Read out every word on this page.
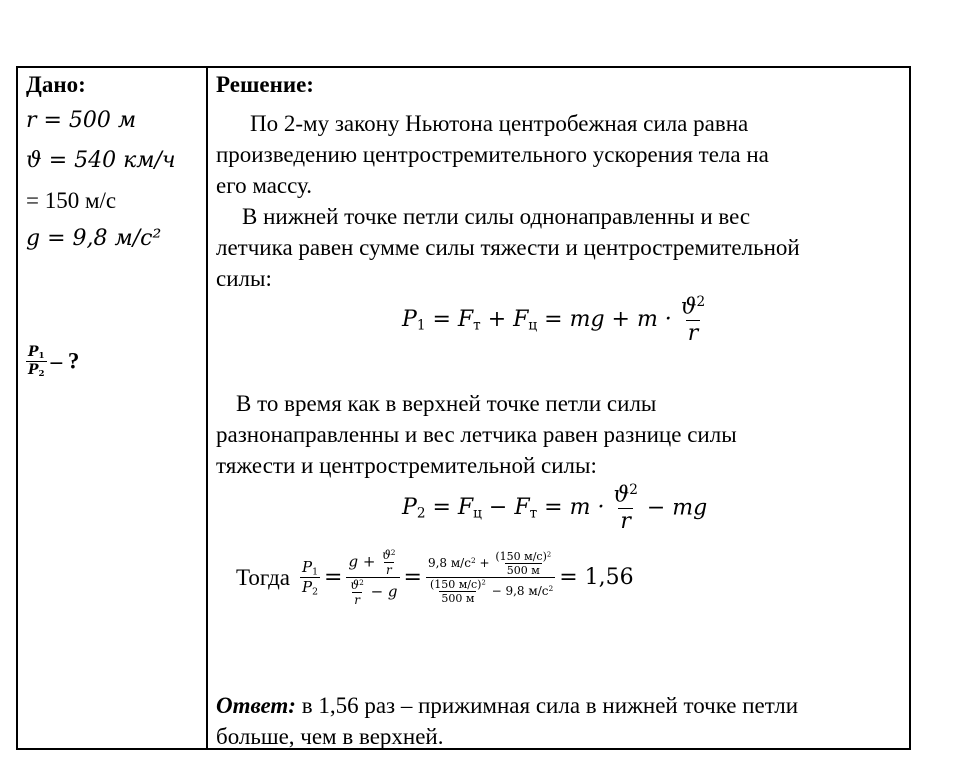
Дано:
r = 500 м
ϑ = 540 км/ч
= 150 м/с
g = 9,8 м/с²
$\frac{P_1}{P_2}$ – ?
Решение:
По 2-му закону Ньютона центробежная сила равна
произведению центростремительного ускорения тела на
его массу.
В нижней точке петли силы однонаправленны и вес
летчика равен сумме силы тяжести и центростремительной
силы:
$P_1 = F_т + F_ц$ = mg + $m \cdot \frac{ϑ^2}{r}$
В то время как в верхней точке петли силы
разнонаправленны и вес летчика равен разнице силы
тяжести и центростремительной силы:
$P_2 = F_ц - F_т = m \cdot \frac{ϑ^2}{r}$ − mg
Тогда $\frac{P_1}{P_2} = \frac{g + \frac{ϑ^2}{r}}{\frac{ϑ^2}{r} - g} = \frac{9,8 м/с^2 + \frac{(150 м/с)^2}{500 м}}{\frac{(150 м/с)^2}{500 м} - 9,8 м/с^2} = 1,56$
Ответ: в 1,56 раз – прижимная сила в нижней точке петли
больше, чем в верхней.
